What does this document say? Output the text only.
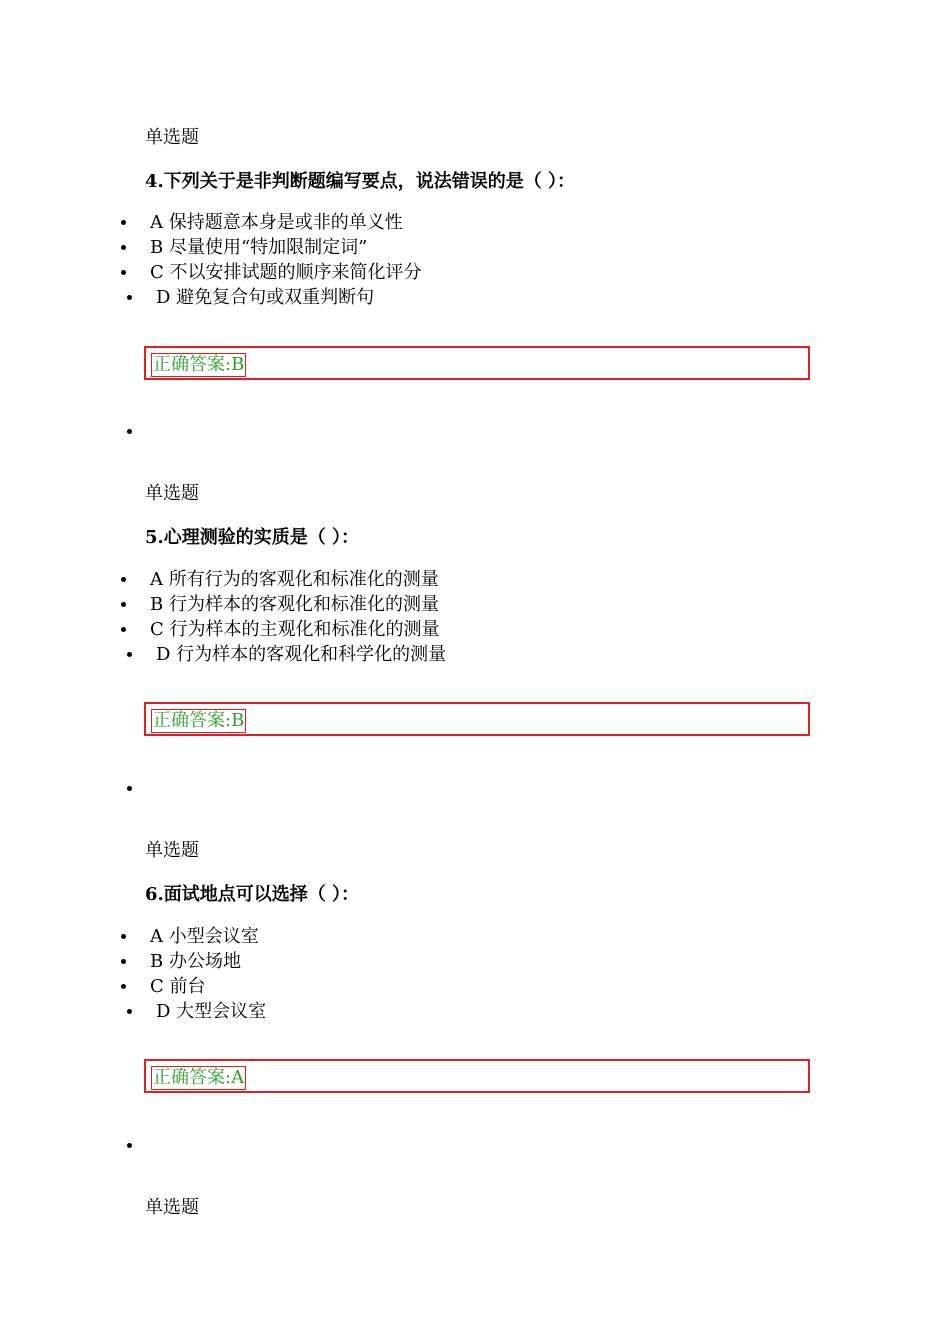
单选题
4.下列关于是非判断题编写要点，说法错误的是（ ）：
A 保持题意本身是或非的单义性
B 尽量使用“特加限制定词”
C 不以安排试题的顺序来简化评分
D 避免复合句或双重判断句
正确答案:B
单选题
5.心理测验的实质是（ ）：
A 所有行为的客观化和标准化的测量
B 行为样本的客观化和标准化的测量
C 行为样本的主观化和标准化的测量
D 行为样本的客观化和科学化的测量
正确答案:B
单选题
6.面试地点可以选择（ ）：
A 小型会议室
B 办公场地
C 前台
D 大型会议室
正确答案:A
单选题
